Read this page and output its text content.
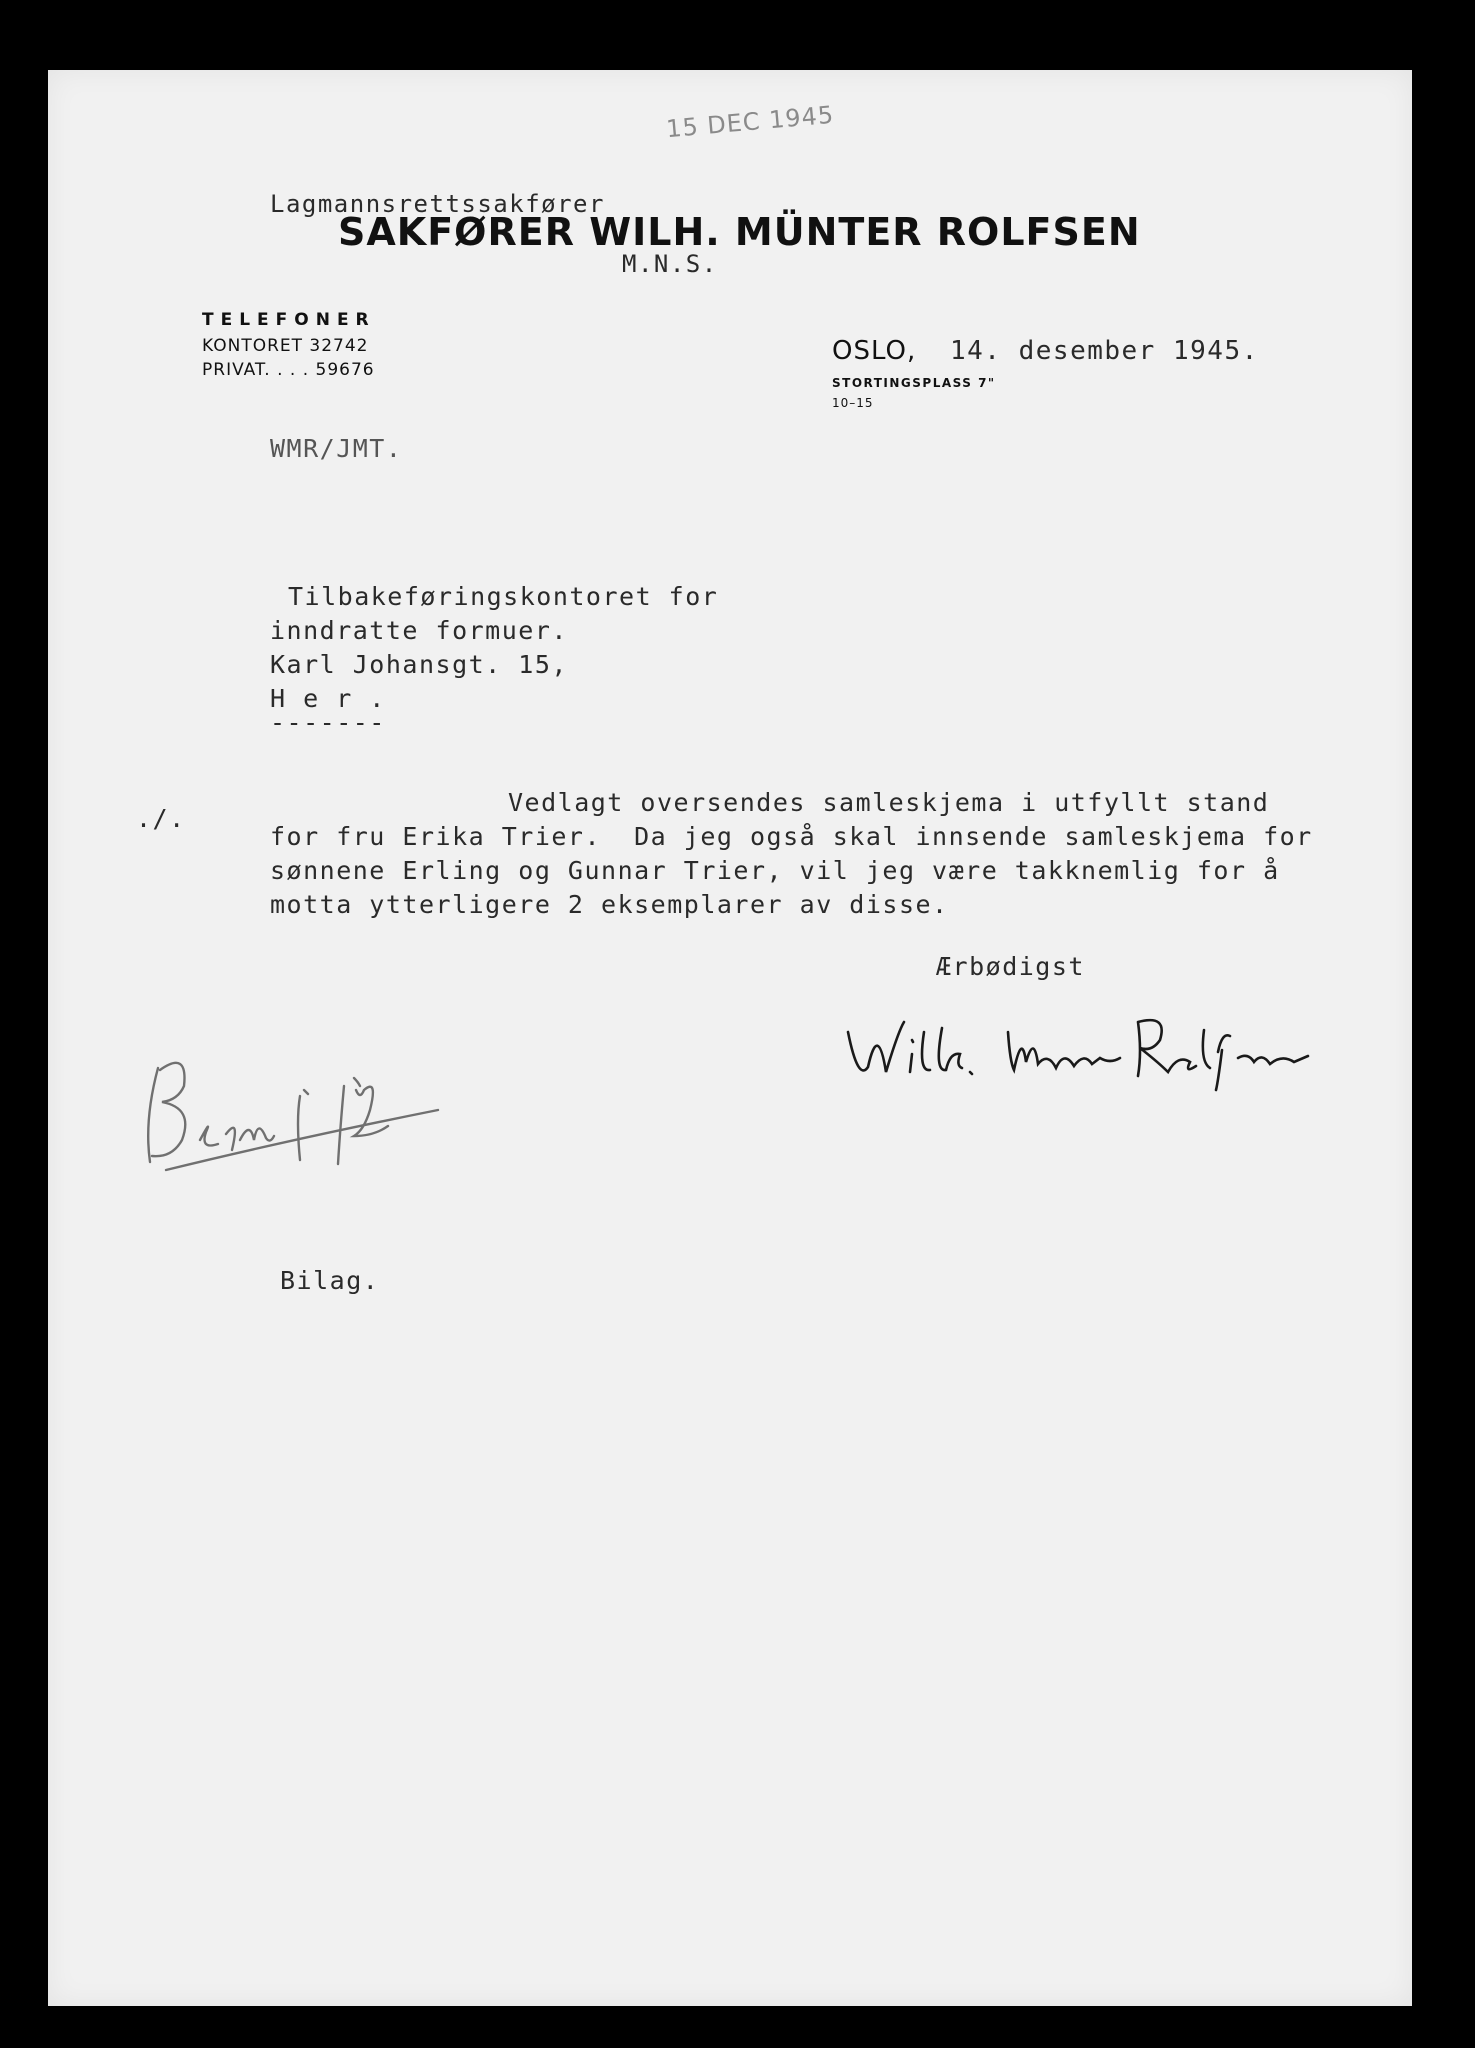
15 DEC 1945
Lagmannsrettssakfører
SAKFØRER WILH. MÜNTER ROLFSEN
M.N.S.
TELEFONER
KONTORET 32742
PRIVAT. . . . 59676
OSLO, 14. desember 1945.
STORTINGSPLASS 7"
10–15
WMR/JMT.
Tilbakeføringskontoret for
inndratte formuer.
Karl Johansgt. 15,
H e r .
-------
./.
Vedlagt oversendes samleskjema i utfyllt stand
for fru Erika Trier.  Da jeg også skal innsende samleskjema for
sønnene Erling og Gunnar Trier, vil jeg være takknemlig for å
motta ytterligere 2 eksemplarer av disse.
Ærbødigst
Bilag.
